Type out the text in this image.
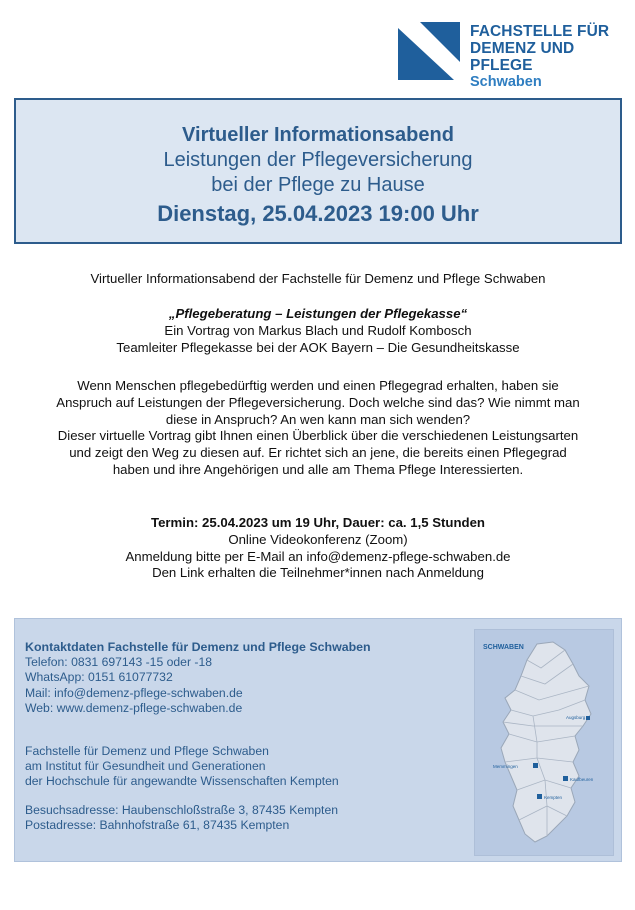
FACHSTELLE FÜR
DEMENZ UND PFLEGE
Schwaben
Virtueller Informationsabend
Leistungen der Pflegeversicherung
bei der Pflege zu Hause
Dienstag, 25.04.2023 19:00 Uhr
Virtueller Informationsabend der Fachstelle für Demenz und Pflege Schwaben
„Pflegeberatung – Leistungen der Pflegekasse“
Ein Vortrag von Markus Blach und Rudolf Kombosch
Teamleiter Pflegekasse bei der AOK Bayern – Die Gesundheitskasse
Wenn Menschen pflegebedürftig werden und einen Pflegegrad erhalten, haben sie
Anspruch auf Leistungen der Pflegeversicherung. Doch welche sind das? Wie nimmt man
diese in Anspruch? An wen kann man sich wenden?
Dieser virtuelle Vortrag gibt Ihnen einen Überblick über die verschiedenen Leistungsarten
und zeigt den Weg zu diesen auf. Er richtet sich an jene, die bereits einen Pflegegrad
haben und ihre Angehörigen und alle am Thema Pflege Interessierten.
Termin: 25.04.2023 um 19 Uhr, Dauer: ca. 1,5 Stunden
Online Videokonferenz (Zoom)
Anmeldung bitte per E-Mail an info@demenz-pflege-schwaben.de
Den Link erhalten die Teilnehmer*innen nach Anmeldung
Kontaktdaten Fachstelle für Demenz und Pflege Schwaben
Telefon: 0831 697143 -15 oder -18
WhatsApp: 0151 61077732
Mail: info@demenz-pflege-schwaben.de
Web: www.demenz-pflege-schwaben.de
Fachstelle für Demenz und Pflege Schwaben
am Institut für Gesundheit und Generationen
der Hochschule für angewandte Wissenschaften Kempten
Besuchsadresse: Haubenschloßstraße 3, 87435 Kempten
Postadresse: Bahnhofstraße 61, 87435 Kempten
SCHWABEN
Augsburg
Memmingen
Kaufbeuren
Kempten
